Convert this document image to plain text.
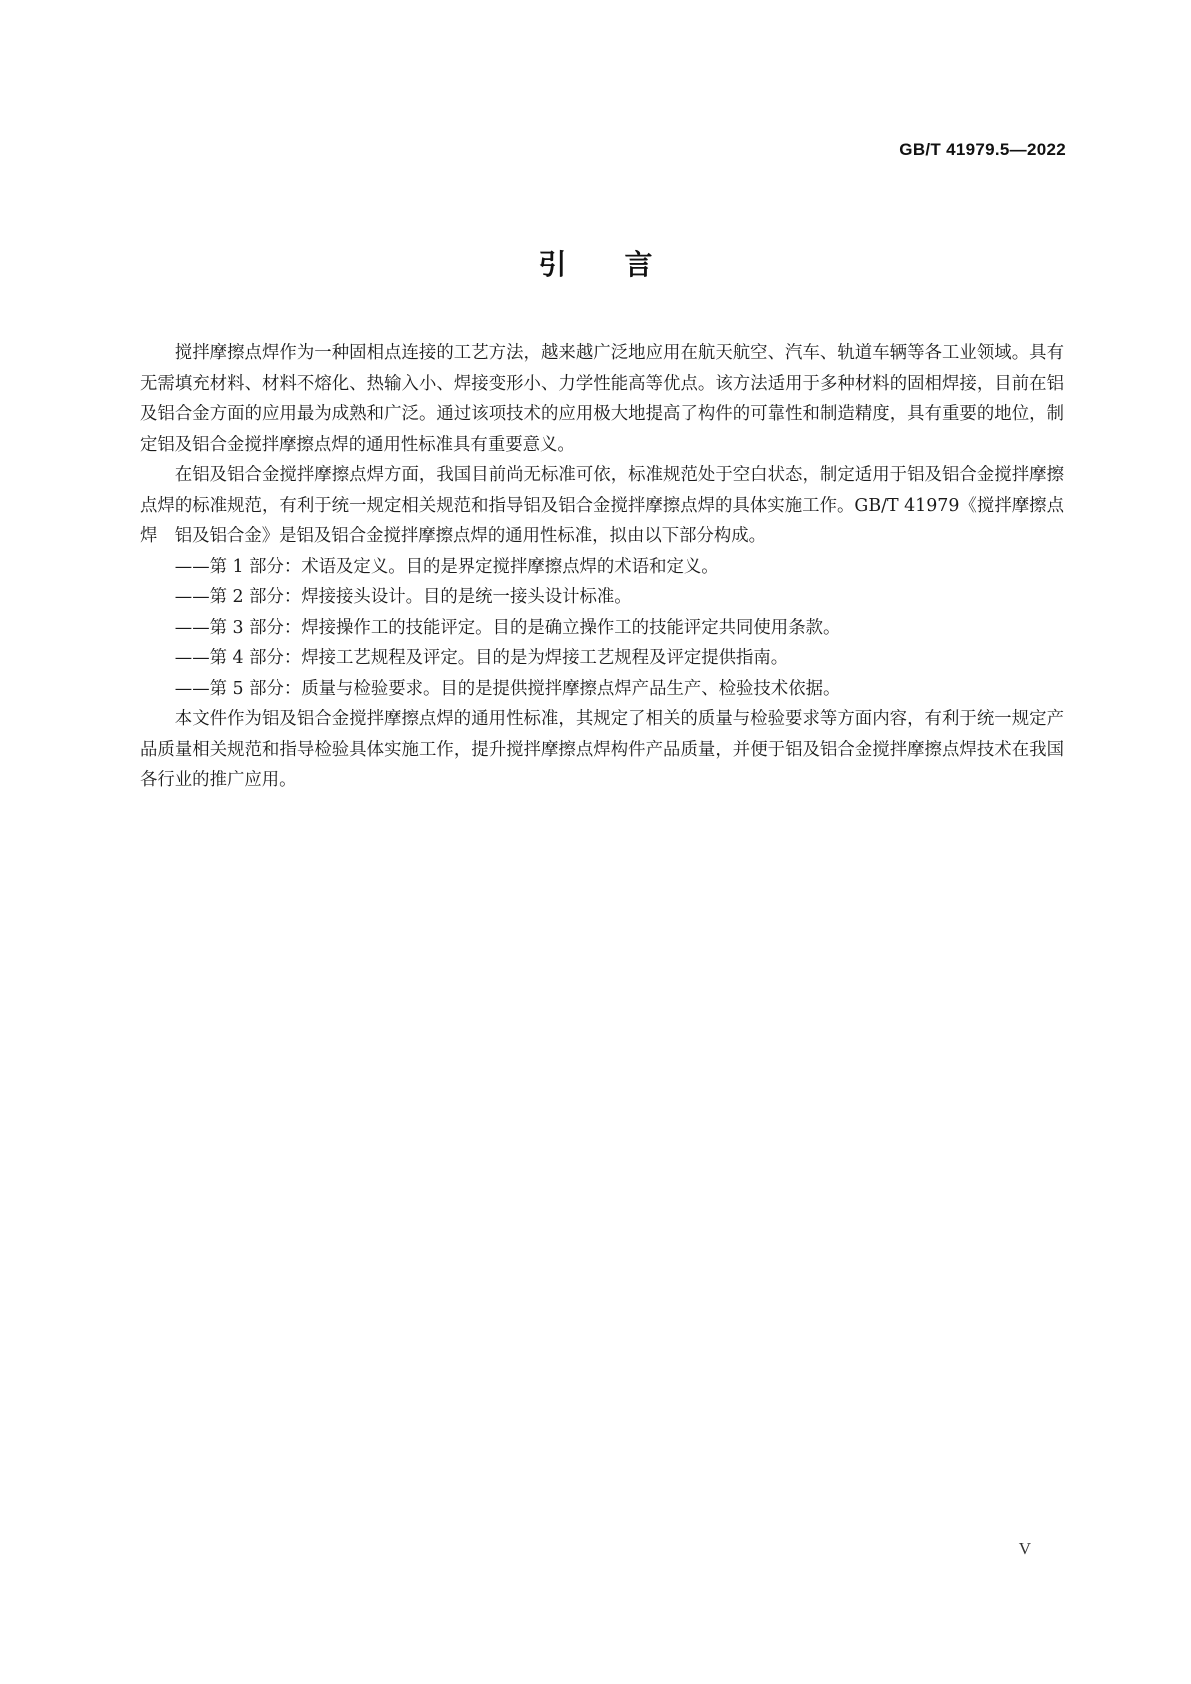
GB/T 41979.5—2022
引言

搅拌摩擦点焊作为一种固相点连接的工艺方法，越来越广泛地应用在航天航空、汽车、轨道车辆等各工业领域。具有无需填充材料、材料不熔化、热输入小、焊接变形小、力学性能高等优点。该方法适用于多种材料的固相焊接，目前在铝及铝合金方面的应用最为成熟和广泛。通过该项技术的应用极大地提高了构件的可靠性和制造精度，具有重要的地位，制定铝及铝合金搅拌摩擦点焊的通用性标准具有重要意义。

在铝及铝合金搅拌摩擦点焊方面，我国目前尚无标准可依，标准规范处于空白状态，制定适用于铝及铝合金搅拌摩擦点焊的标准规范，有利于统一规定相关规范和指导铝及铝合金搅拌摩擦点焊的具体实施工作。GB/T 41979《搅拌摩擦点焊　铝及铝合金》是铝及铝合金搅拌摩擦点焊的通用性标准，拟由以下部分构成。

——第 1 部分：术语及定义。目的是界定搅拌摩擦点焊的术语和定义。

——第 2 部分：焊接接头设计。目的是统一接头设计标准。

——第 3 部分：焊接操作工的技能评定。目的是确立操作工的技能评定共同使用条款。

——第 4 部分：焊接工艺规程及评定。目的是为焊接工艺规程及评定提供指南。

——第 5 部分：质量与检验要求。目的是提供搅拌摩擦点焊产品生产、检验技术依据。

本文件作为铝及铝合金搅拌摩擦点焊的通用性标准，其规定了相关的质量与检验要求等方面内容，有利于统一规定产品质量相关规范和指导检验具体实施工作，提升搅拌摩擦点焊构件产品质量，并便于铝及铝合金搅拌摩擦点焊技术在我国各行业的推广应用。

V
